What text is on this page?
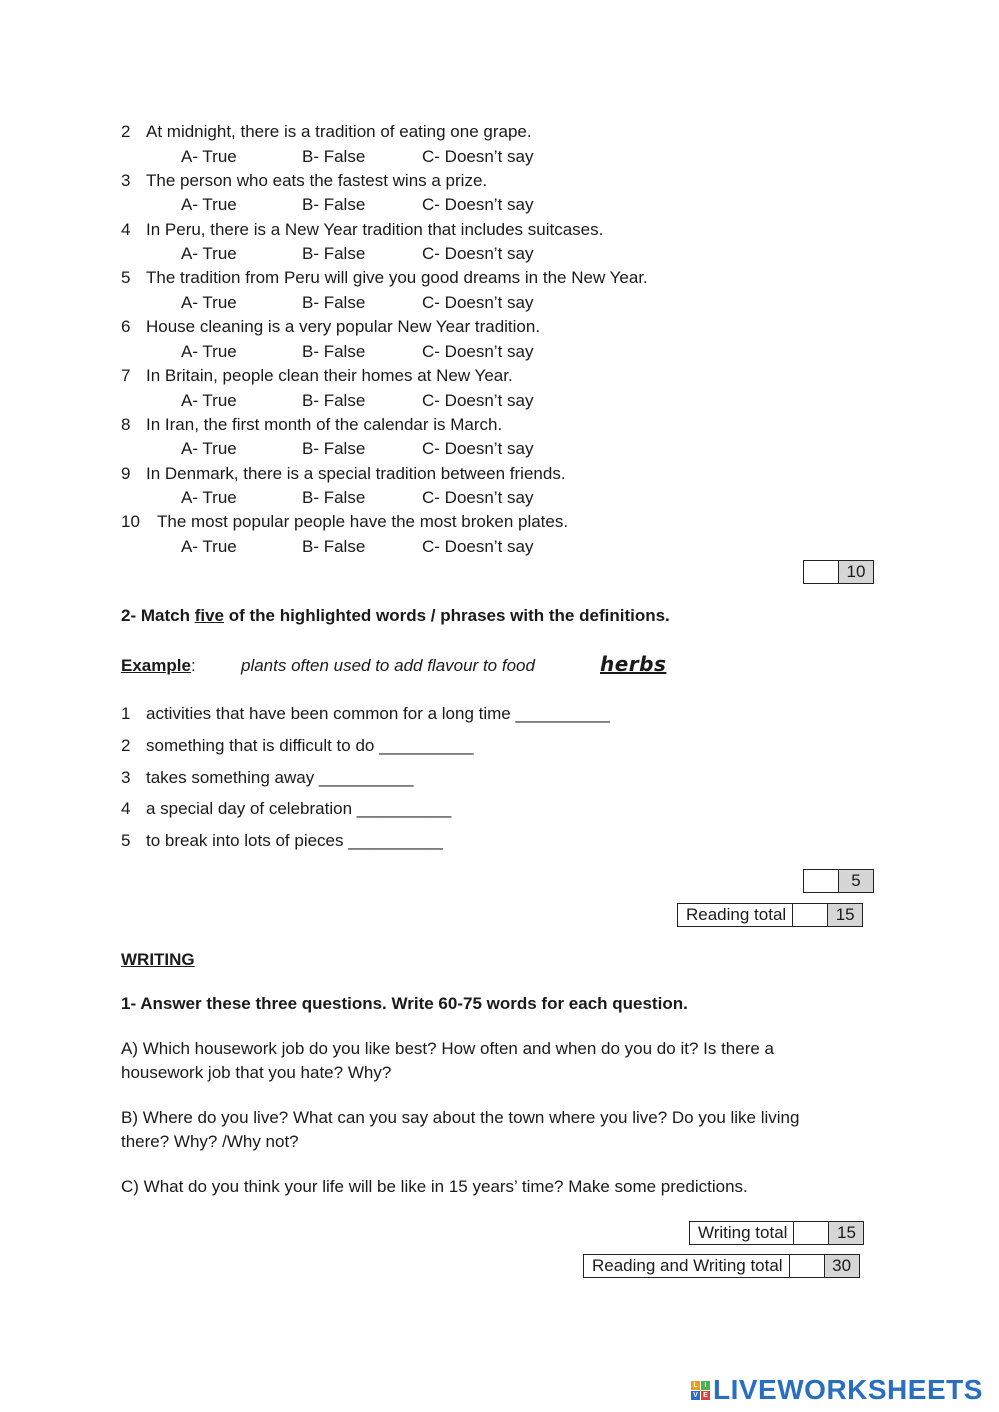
2 At midnight, there is a tradition of eating one grape.
A- True	B- False	C- Doesn’t say
3 The person who eats the fastest wins a prize.
A- True	B- False	C- Doesn’t say
4 In Peru, there is a New Year tradition that includes suitcases.
A- True	B- False	C- Doesn’t say
5 The tradition from Peru will give you good dreams in the New Year.
A- True	B- False	C- Doesn’t say
6 House cleaning is a very popular New Year tradition.
A- True	B- False	C- Doesn’t say
7 In Britain, people clean their homes at New Year.
A- True	B- False	C- Doesn’t say
8 In Iran, the first month of the calendar is March.
A- True	B- False	C- Doesn’t say
9 In Denmark, there is a special tradition between friends.
A- True	B- False	C- Doesn’t say
10 The most popular people have the most broken plates.
A- True	B- False	C- Doesn’t say
10
2- Match five of the highlighted words / phrases with the definitions.
Example:	plants often used to add flavour to food	herbs
1 activities that have been common for a long time __________
2 something that is difficult to do __________
3 takes something away __________
4 a special day of celebration __________
5 to break into lots of pieces __________
5
Reading total	15
WRITING
1- Answer these three questions. Write 60-75 words for each question.
A) Which housework job do you like best? How often and when do you do it? Is there a
housework job that you hate? Why?
B) Where do you live? What can you say about the town where you live? Do you like living
there? Why? /Why not?
C) What do you think your life will be like in 15 years’ time? Make some predictions.
Writing total	15
Reading and Writing total	30
L I
V E LIVEWORKSHEETS
